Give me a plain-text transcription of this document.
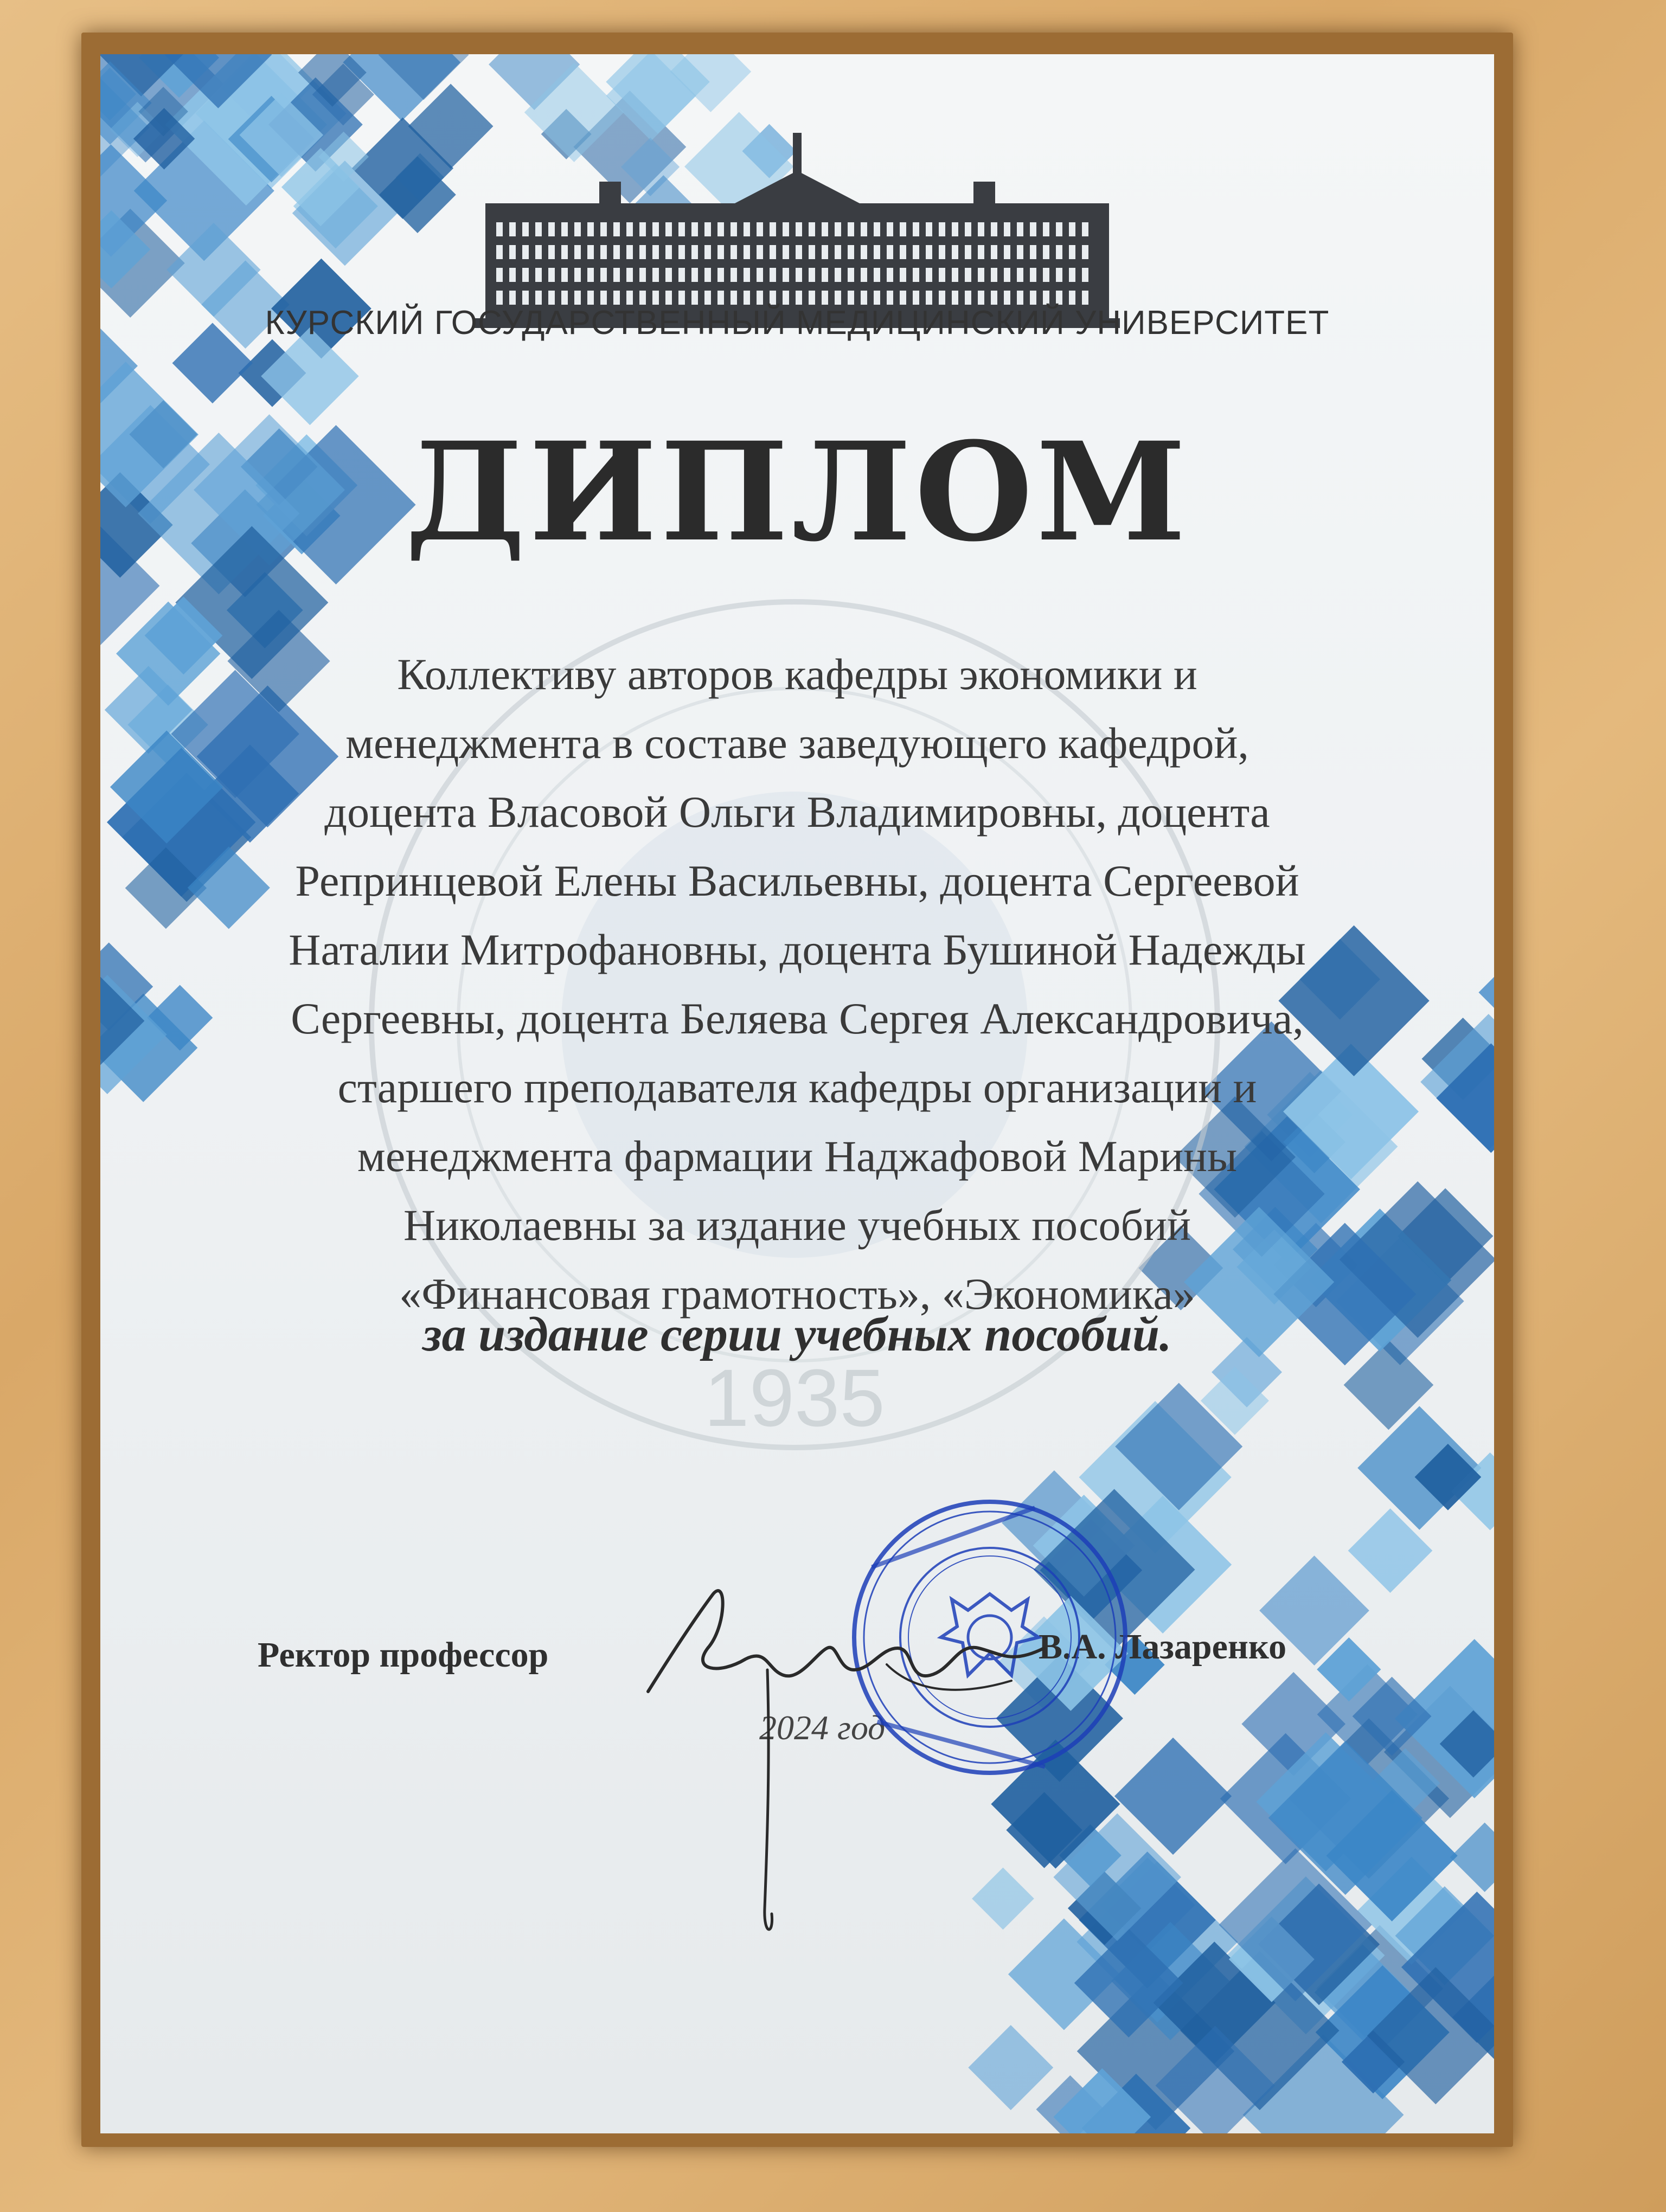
1935
КУРСКИЙ ГОСУДАРСТВЕННЫЙ МЕДИЦИНСКИЙ УНИВЕРСИТЕТ
ДИПЛОМ
Коллективу авторов кафедры экономики и
менеджмента в составе заведующего кафедрой,
доцента Власовой Ольги Владимировны, доцента
Репринцевой Елены Васильевны, доцента Сергеевой
Наталии Митрофановны, доцента Бушиной Надежды
Сергеевны, доцента Беляева Сергея Александровича,
старшего преподавателя кафедры организации и
менеджмента фармации Наджафовой Марины
Николаевны за издание учебных пособий
«Финансовая грамотность», «Экономика»
за издание серии учебных пособий.
Ректор профессор	В.А. Лазаренко
2024 год
